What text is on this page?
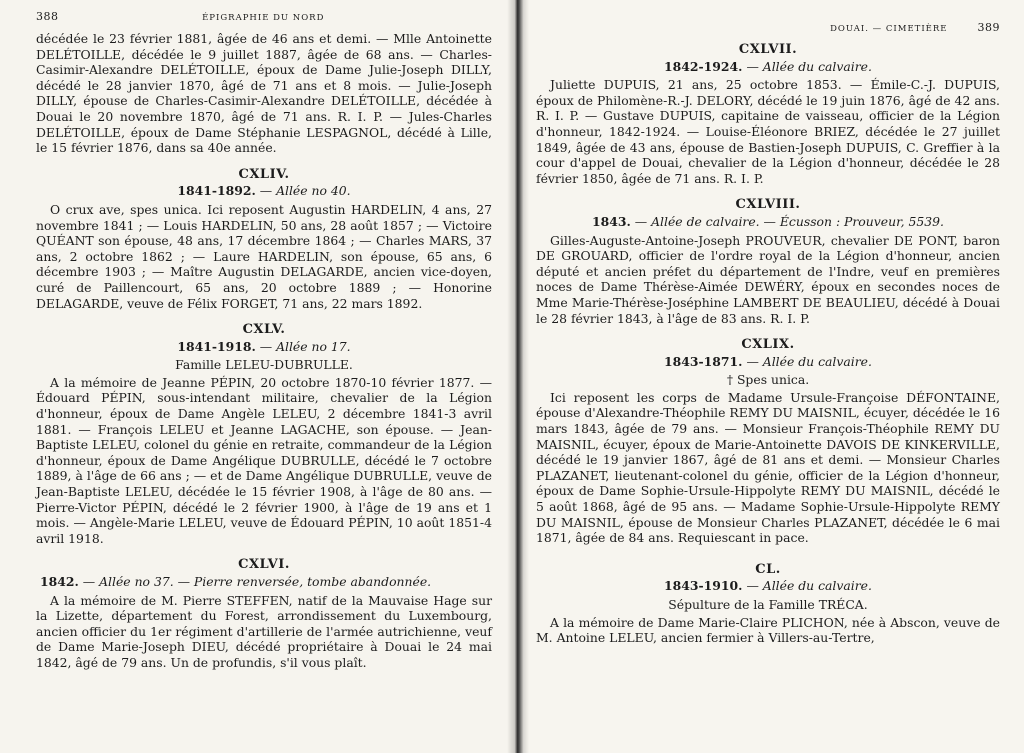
388	ÉPIGRAPHIE DU NORD

décédée le 23 février 1881, âgée de 46 ans et demi. — Mlle Antoinette DELÉTOILLE, décédée le 9 juillet 1887, âgée de 68 ans. — Charles-Casimir-Alexandre DELÉTOILLE, époux de Dame Julie-Joseph DILLY, décédé le 28 janvier 1870, âgé de 71 ans et 8 mois. — Julie-Joseph DILLY, épouse de Charles-Casimir-Alexandre DELÉTOILLE, décédée à Douai le 20 novembre 1870, âgé de 71 ans. R. I. P. — Jules-Charles DELÉTOILLE, époux de Dame Stéphanie LESPAGNOL, décédé à Lille, le 15 février 1876, dans sa 40e année.

CXLIV.
1841-1892. — Allée no 40.

O crux ave, spes unica. Ici reposent Augustin HARDELIN, 4 ans, 27 novembre 1841 ; — Louis HARDELIN, 50 ans, 28 août 1857 ; — Victoire QUÉANT son épouse, 48 ans, 17 décembre 1864 ; — Charles MARS, 37 ans, 2 octobre 1862 ; — Laure HARDELIN, son épouse, 65 ans, 6 décembre 1903 ; — Maître Augustin DELAGARDE, ancien vice-doyen, curé de Paillencourt, 65 ans, 20 octobre 1889 ; — Honorine DELAGARDE, veuve de Félix FORGET, 71 ans, 22 mars 1892.

CXLV.
1841-1918. — Allée no 17.
Famille LELEU-DUBRULLE.

A la mémoire de Jeanne PÉPIN, 20 octobre 1870-10 février 1877. — Édouard PÉPIN, sous-intendant militaire, chevalier de la Légion d'honneur, époux de Dame Angèle LELEU, 2 décembre 1841-3 avril 1881. — François LELEU et Jeanne LAGACHE, son épouse. — Jean-Baptiste LELEU, colonel du génie en retraite, commandeur de la Légion d'honneur, époux de Dame Angélique DUBRULLE, décédé le 7 octobre 1889, à l'âge de 66 ans ; — et de Dame Angélique DUBRULLE, veuve de Jean-Baptiste LELEU, décédée le 15 février 1908, à l'âge de 80 ans. — Pierre-Victor PÉPIN, décédé le 2 février 1900, à l'âge de 19 ans et 1 mois. — Angèle-Marie LELEU, veuve de Édouard PÉPIN, 10 août 1851-4 avril 1918.

CXLVI.
1842. — Allée no 37. — Pierre renversée, tombe abandonnée.

A la mémoire de M. Pierre STEFFEN, natif de la Mauvaise Hage sur la Lizette, département du Forest, arrondissement du Luxembourg, ancien officier du 1er régiment d'artillerie de l'armée autrichienne, veuf de Dame Marie-Joseph DIEU, décédé propriétaire à Douai le 24 mai 1842, âgé de 79 ans. Un de profundis, s'il vous plaît.

DOUAI. — CIMETIÈRE	389
CXLVII.
1842-1924. — Allée du calvaire.

Juliette DUPUIS, 21 ans, 25 octobre 1853. — Émile-C.-J. DUPUIS, époux de Philomène-R.-J. DELORY, décédé le 19 juin 1876, âgé de 42 ans. R. I. P. — Gustave DUPUIS, capitaine de vaisseau, officier de la Légion d'honneur, 1842-1924. — Louise-Éléonore BRIEZ, décédée le 27 juillet 1849, âgée de 43 ans, épouse de Bastien-Joseph DUPUIS, C. Greffier à la cour d'appel de Douai, chevalier de la Légion d'honneur, décédée le 28 février 1850, âgée de 71 ans. R. I. P.

CXLVIII.
1843. — Allée de calvaire. — Écusson : Prouveur, 5539.

Gilles-Auguste-Antoine-Joseph PROUVEUR, chevalier DE PONT, baron DE GROUARD, officier de l'ordre royal de la Légion d'honneur, ancien député et ancien préfet du département de l'Indre, veuf en premières noces de Dame Thérèse-Aimée DEWÉRY, époux en secondes noces de Mme Marie-Thérèse-Joséphine LAMBERT DE BEAULIEU, décédé à Douai le 28 février 1843, à l'âge de 83 ans. R. I. P.

CXLIX.
1843-1871. — Allée du calvaire.
† Spes unica.

Ici reposent les corps de Madame Ursule-Françoise DÉFONTAINE, épouse d'Alexandre-Théophile REMY DU MAISNIL, écuyer, décédée le 16 mars 1843, âgée de 79 ans. — Monsieur François-Théophile REMY DU MAISNIL, écuyer, époux de Marie-Antoinette DAVOIS DE KINKERVILLE, décédé le 19 janvier 1867, âgé de 81 ans et demi. — Monsieur Charles PLAZANET, lieutenant-colonel du génie, officier de la Légion d'honneur, époux de Dame Sophie-Ursule-Hippolyte REMY DU MAISNIL, décédé le 5 août 1868, âgé de 95 ans. — Madame Sophie-Ursule-Hippolyte REMY DU MAISNIL, épouse de Monsieur Charles PLAZANET, décédée le 6 mai 1871, âgée de 84 ans. Requiescant in pace.

CL.
1843-1910. — Allée du calvaire.
Sépulture de la Famille TRÉCA.

A la mémoire de Dame Marie-Claire PLICHON, née à Abscon, veuve de M. Antoine LELEU, ancien fermier à Villers-au-Tertre,
